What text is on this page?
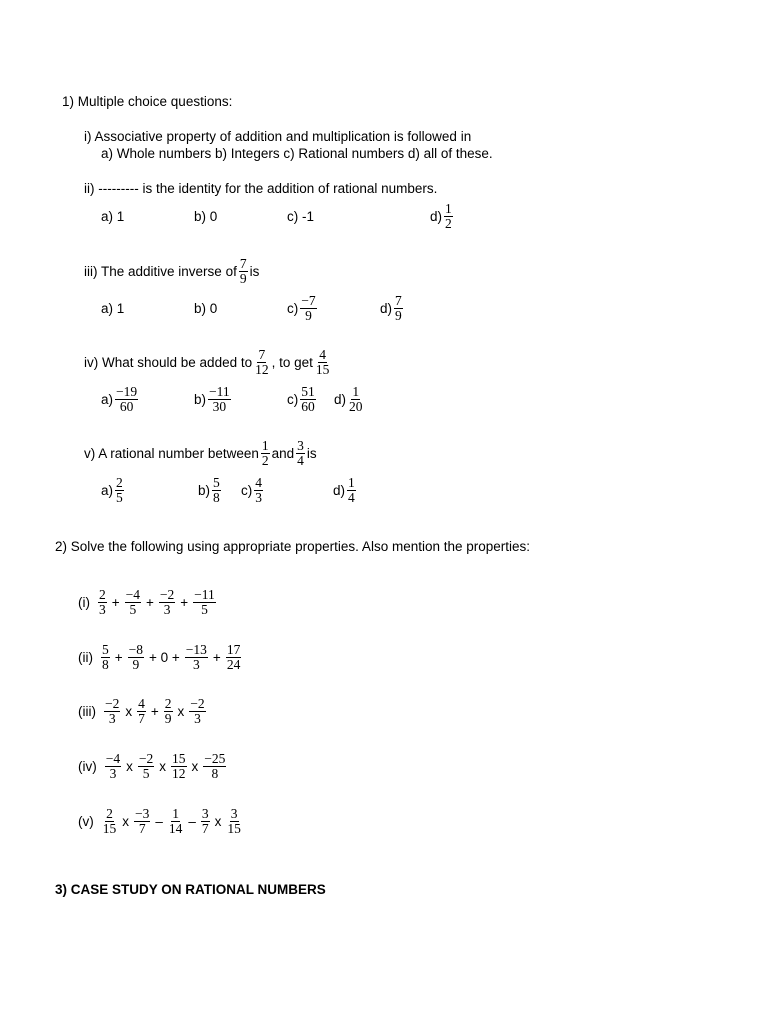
1) Multiple choice questions:
i) Associative property of addition and multiplication is followed in
a) Whole numbers b) Integers c) Rational numbers d) all of these.
ii) --------- is the identity for the addition of rational numbers.
a) 1	b) 0	c) -1	$d) \frac{1}{2}$
iii) The additive inverse of $\frac{7}{9}$ is
a) 1	b) 0	$c) \frac{-7}{9}$	$d) \frac{7}{9}$
iv) What should be added to $\frac{7}{12}$ , to get $\frac{4}{15}$
$a) \frac{-19}{60}$	$b) \frac{-11}{30}$	$c) \frac{51}{60} d) \frac{1}{20}$
v) A rational number between $\frac{1}{2}$ and $\frac{3}{4}$ is
$a) \frac{2}{5}$	$b) \frac{5}{8} c) \frac{4}{3}$	$d) \frac{1}{4}$
2) Solve the following using appropriate properties. Also mention the properties:
$(i) \frac{2}{3} + \frac{-4}{5} + \frac{-2}{3} + \frac{-11}{5}$
$(ii) \frac{5}{8} + \frac{-8}{9} + 0 + \frac{-13}{3} + \frac{17}{24}$
$(iii) \frac{-2}{3}$ x $\frac{4}{7} + \frac{2}{9}$ x $\frac{-2}{3}$
$(iv) \frac{-4}{3}$ x $\frac{-2}{5}$ x $\frac{15}{12}$ x $\frac{-25}{8}$
$(v) \frac{2}{15}$ x $\frac{-3}{7} - \frac{1}{14} - \frac{3}{7}$ x $\frac{3}{15}$
3) CASE STUDY ON RATIONAL NUMBERS
